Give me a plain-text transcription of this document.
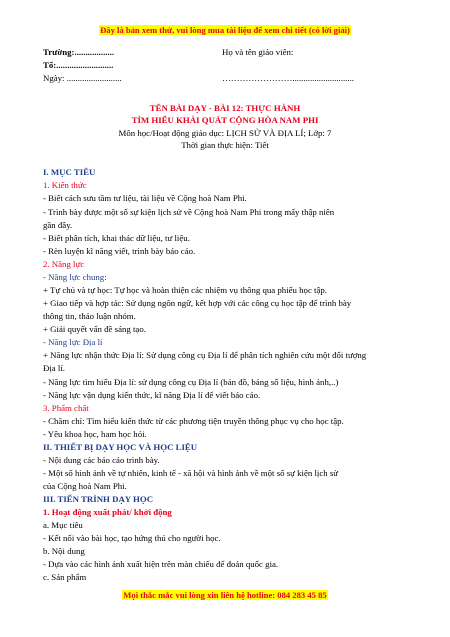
Đây là bản xem thử, vui lòng mua tài liệu để xem chi tiết (có lời giải)
Trường:..................	Họ và tên giáo viên:
Tổ:..........................
Ngày: .........................	……………………............................
TÊN BÀI DẠY - BÀI 12: THỰC HÀNH
TÌM HIỂU KHÁI QUÁT CỘNG HÒA NAM PHI
Môn học/Hoạt động giáo dục: LỊCH SỬ VÀ ĐỊA LÍ; Lớp: 7
Thời gian thực hiện: Tiết
I. MỤC TIÊU
1. Kiến thức
- Biết cách sưu tầm tư liệu, tài liệu về Cộng hoà Nam Phi.
- Trình bày được một số sự kiện lịch sử về Cộng hoà Nam Phi trong mấy thập niên
gần đây.
- Biết phân tích, khai thác dữ liệu, tư liệu.
- Rèn luyện kĩ năng viết, trình bày báo cáo.
2. Năng lực
- Năng lực chung:
+ Tự chủ và tự học: Tự học và hoàn thiện các nhiệm vụ thông qua phiếu học tập.
+ Giao tiếp và hợp tác: Sử dụng ngôn ngữ, kết hợp với các công cụ học tập để trình bày
thông tin, thảo luận nhóm.
+ Giải quyết vấn đề sáng tạo.
- Năng lực Địa lí
+ Năng lực nhận thức Địa lí: Sử dụng công cụ Địa lí để phân tích nghiên cứu một đối tượng
Địa lí.
- Năng lực tìm hiểu Địa lí: sử dụng công cụ Địa lí (bản đồ, bảng số liệu, hình ảnh,..)
- Năng lực vận dụng kiến thức, kĩ năng Địa lí để viết báo cáo.
3. Phẩm chất
- Chăm chỉ: Tìm hiểu kiến thức từ các phương tiện truyền thông phục vụ cho học tập.
- Yêu khoa học, ham học hỏi.
II. THIẾT BỊ DẠY HỌC VÀ HỌC LIỆU
- Nội dung các báo cáo trình bày.
- Một số hình ảnh về tự nhiên, kinh tế - xã hội và hình ảnh về một số sự kiện lịch sử
của Cộng hoà Nam Phi.
III. TIẾN TRÌNH DẠY HỌC
1. Hoạt động xuất phát/ khởi động
a. Mục tiêu
- Kết nối vào bài học, tạo hứng thú cho người học.
b. Nội dung
- Dựa vào các hình ảnh xuất hiện trên màn chiếu để đoán quốc gia.
c. Sản phẩm
Mọi thắc mắc vui lòng xin liên hệ hotline: 084 283 45 85
